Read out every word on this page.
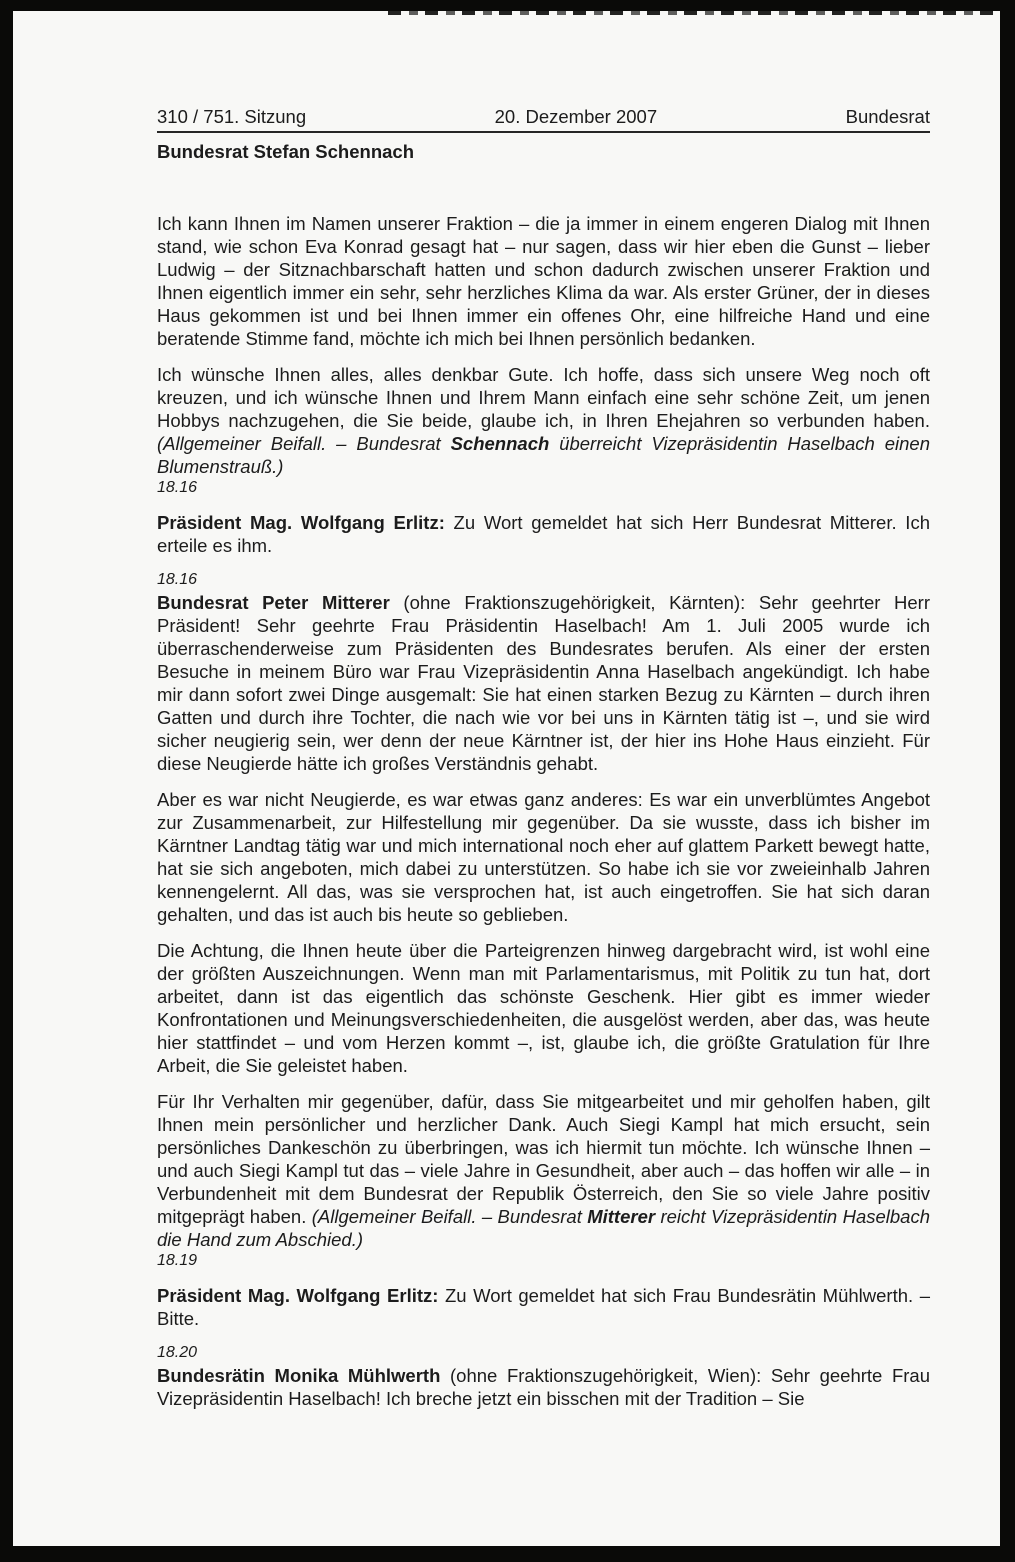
310 / 751. Sitzung	20. Dezember 2007	Bundesrat
Bundesrat Stefan Schennach

Ich kann Ihnen im Namen unserer Fraktion – die ja immer in einem engeren Dialog mit Ihnen stand, wie schon Eva Konrad gesagt hat – nur sagen, dass wir hier eben die Gunst – lieber Ludwig – der Sitznachbarschaft hatten und schon dadurch zwischen unserer Fraktion und Ihnen eigentlich immer ein sehr, sehr herzliches Klima da war. Als erster Grüner, der in dieses Haus gekommen ist und bei Ihnen immer ein offenes Ohr, eine hilfreiche Hand und eine beratende Stimme fand, möchte ich mich bei Ihnen persönlich bedanken.

Ich wünsche Ihnen alles, alles denkbar Gute. Ich hoffe, dass sich unsere Weg noch oft kreuzen, und ich wünsche Ihnen und Ihrem Mann einfach eine sehr schöne Zeit, um jenen Hobbys nachzugehen, die Sie beide, glaube ich, in Ihren Ehejahren so verbunden haben. (Allgemeiner Beifall. – Bundesrat Schennach überreicht Vizepräsidentin Haselbach einen Blumenstrauß.)

18.16

Präsident Mag. Wolfgang Erlitz: Zu Wort gemeldet hat sich Herr Bundesrat Mitterer. Ich erteile es ihm.

18.16

Bundesrat Peter Mitterer (ohne Fraktionszugehörigkeit, Kärnten): Sehr geehrter Herr Präsident! Sehr geehrte Frau Präsidentin Haselbach! Am 1. Juli 2005 wurde ich überraschenderweise zum Präsidenten des Bundesrates berufen. Als einer der ersten Besuche in meinem Büro war Frau Vizepräsidentin Anna Haselbach angekündigt. Ich habe mir dann sofort zwei Dinge ausgemalt: Sie hat einen starken Bezug zu Kärnten – durch ihren Gatten und durch ihre Tochter, die nach wie vor bei uns in Kärnten tätig ist –, und sie wird sicher neugierig sein, wer denn der neue Kärntner ist, der hier ins Hohe Haus einzieht. Für diese Neugierde hätte ich großes Verständnis gehabt.

Aber es war nicht Neugierde, es war etwas ganz anderes: Es war ein unverblümtes Angebot zur Zusammenarbeit, zur Hilfestellung mir gegenüber. Da sie wusste, dass ich bisher im Kärntner Landtag tätig war und mich international noch eher auf glattem Parkett bewegt hatte, hat sie sich angeboten, mich dabei zu unterstützen. So habe ich sie vor zweieinhalb Jahren kennengelernt. All das, was sie versprochen hat, ist auch eingetroffen. Sie hat sich daran gehalten, und das ist auch bis heute so geblieben.

Die Achtung, die Ihnen heute über die Parteigrenzen hinweg dargebracht wird, ist wohl eine der größten Auszeichnungen. Wenn man mit Parlamentarismus, mit Politik zu tun hat, dort arbeitet, dann ist das eigentlich das schönste Geschenk. Hier gibt es immer wieder Konfrontationen und Meinungsverschiedenheiten, die ausgelöst werden, aber das, was heute hier stattfindet – und vom Herzen kommt –, ist, glaube ich, die größte Gratulation für Ihre Arbeit, die Sie geleistet haben.

Für Ihr Verhalten mir gegenüber, dafür, dass Sie mitgearbeitet und mir geholfen haben, gilt Ihnen mein persönlicher und herzlicher Dank. Auch Siegi Kampl hat mich ersucht, sein persönliches Dankeschön zu überbringen, was ich hiermit tun möchte. Ich wünsche Ihnen – und auch Siegi Kampl tut das – viele Jahre in Gesundheit, aber auch – das hoffen wir alle – in Verbundenheit mit dem Bundesrat der Republik Österreich, den Sie so viele Jahre positiv mitgeprägt haben. (Allgemeiner Beifall. – Bundesrat Mitterer reicht Vizepräsidentin Haselbach die Hand zum Abschied.)

18.19

Präsident Mag. Wolfgang Erlitz: Zu Wort gemeldet hat sich Frau Bundesrätin Mühlwerth. – Bitte.

18.20

Bundesrätin Monika Mühlwerth (ohne Fraktionszugehörigkeit, Wien): Sehr geehrte Frau Vizepräsidentin Haselbach! Ich breche jetzt ein bisschen mit der Tradition – Sie
